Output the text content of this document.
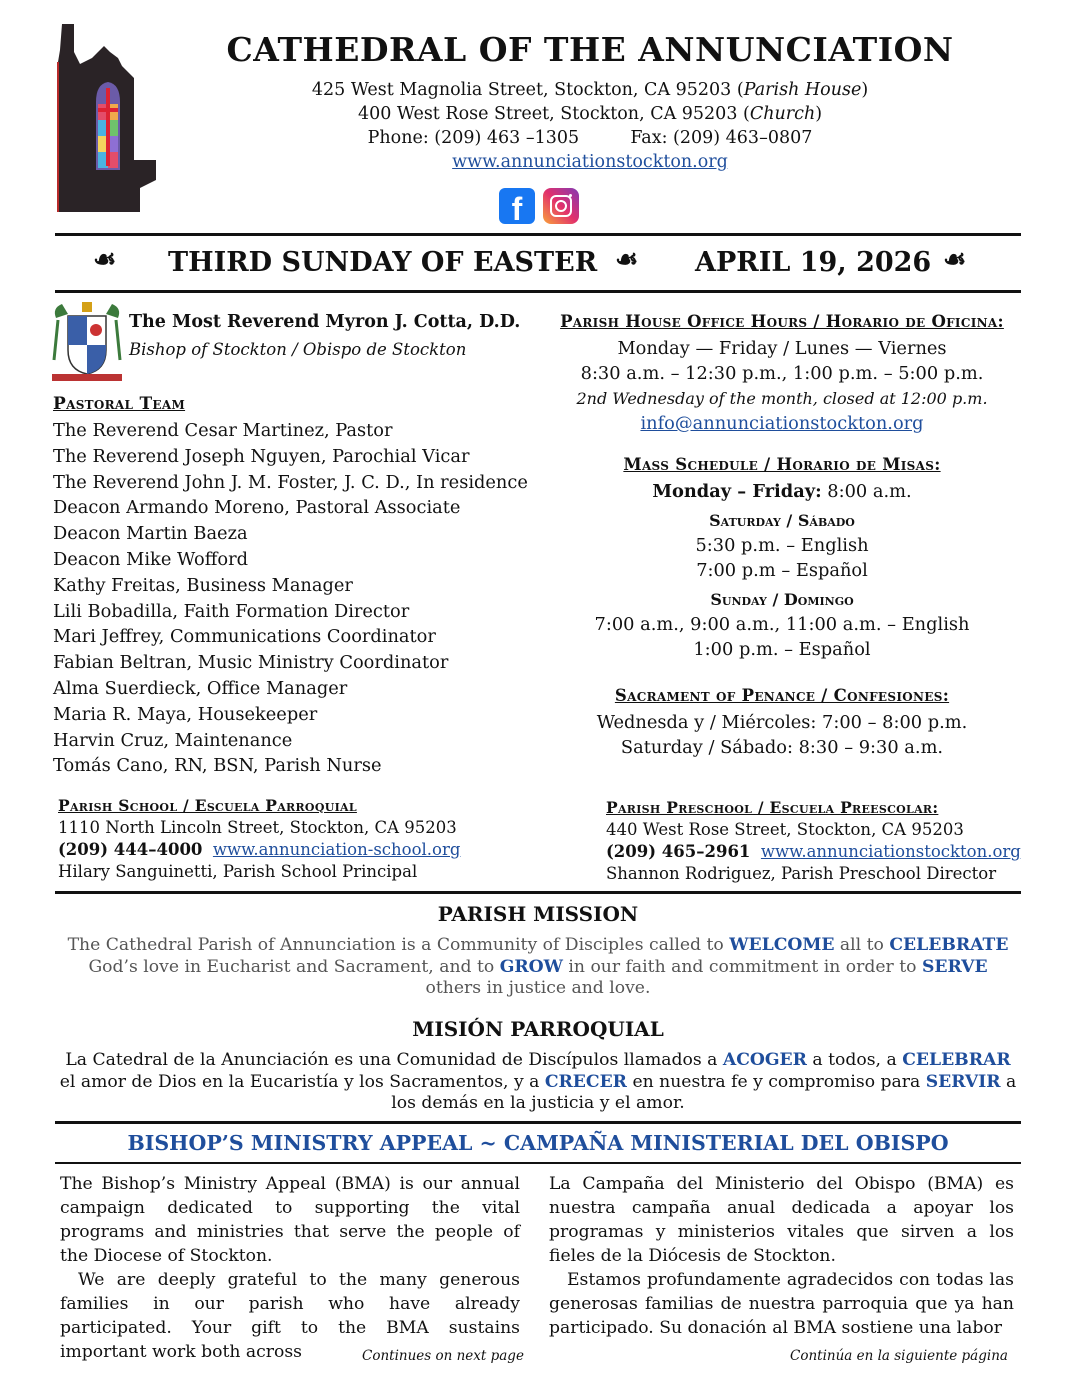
CATHEDRAL OF THE ANNUNCIATION
425 West Magnolia Street, Stockton, CA 95203 (Parish House)
400 West Rose Street, Stockton, CA 95203 (Church)
Phone: (209) 463 –1305	Fax: (209) 463–0807
www.annunciationstockton.org
f
☙ THIRD SUNDAY OF EASTER ☙ APRIL 19, 2026 ☙
The Most Reverend Myron J. Cotta, D.D.
Bishop of Stockton / Obispo de Stockton
Pastoral Team
The Reverend Cesar Martinez, Pastor
The Reverend Joseph Nguyen, Parochial Vicar
The Reverend John J. M. Foster, J. C. D., In residence
Deacon Armando Moreno, Pastoral Associate
Deacon Martin Baeza
Deacon Mike Wofford
Kathy Freitas, Business Manager
Lili Bobadilla, Faith Formation Director
Mari Jeffrey, Communications Coordinator
Fabian Beltran, Music Ministry Coordinator
Alma Suerdieck, Office Manager
Maria R. Maya, Housekeeper
Harvin Cruz, Maintenance
Tomás Cano, RN, BSN, Parish Nurse
Parish House Office Hours / Horario de Oficina:
Monday — Friday / Lunes — Viernes
8:30 a.m. – 12:30 p.m., 1:00 p.m. – 5:00 p.m.
2nd Wednesday of the month, closed at 12:00 p.m.
info@annunciationstockton.org
Mass Schedule / Horario de Misas:
Monday – Friday: 8:00 a.m.
Saturday / Sábado
5:30 p.m. – English
7:00 p.m – Español
Sunday / Domingo
7:00 a.m., 9:00 a.m., 11:00 a.m. – English
1:00 p.m. – Español
Sacrament of Penance / Confesiones:
Wednesda y / Miércoles: 7:00 – 8:00 p.m.
Saturday / Sábado: 8:30 – 9:30 a.m.
Parish School / Escuela Parroquial
1110 North Lincoln Street, Stockton, CA 95203
(209) 444–4000 www.annunciation-school.org
Hilary Sanguinetti, Parish School Principal
Parish Preschool / Escuela Preescolar:
440 West Rose Street, Stockton, CA 95203
(209) 465–2961 www.annunciationstockton.org
Shannon Rodriguez, Parish Preschool Director
PARISH MISSION
The Cathedral Parish of Annunciation is a Community of Disciples called to WELCOME all to CELEBRATE God’s love in Eucharist and Sacrament, and to GROW in our faith and commitment in order to SERVE others in justice and love.
MISIÓN PARROQUIAL
La Catedral de la Anunciación es una Comunidad de Discípulos llamados a ACOGER a todos, a CELEBRAR el amor de Dios en la Eucaristía y los Sacramentos, y a CRECER en nuestra fe y compromiso para SERVIR a los demás en la justicia y el amor.
BISHOP’S MINISTRY APPEAL ~ CAMPAÑA MINISTERIAL DEL OBISPO
The Bishop’s Ministry Appeal (BMA) is our annual campaign dedicated to supporting the vital programs and ministries that serve the people of the Diocese of Stockton.
We are deeply grateful to the many generous families in our parish who have already participated. Your gift to the BMA sustains important work both across	Continues on next page
La Campaña del Ministerio del Obispo (BMA) es nuestra campaña anual dedicada a apoyar los programas y ministerios vitales que sirven a los fieles de la Diócesis de Stockton.
Estamos profundamente agradecidos con todas las generosas familias de nuestra parroquia que ya han participado. Su donación al BMA sostiene una labor
Continúa en la siguiente página
